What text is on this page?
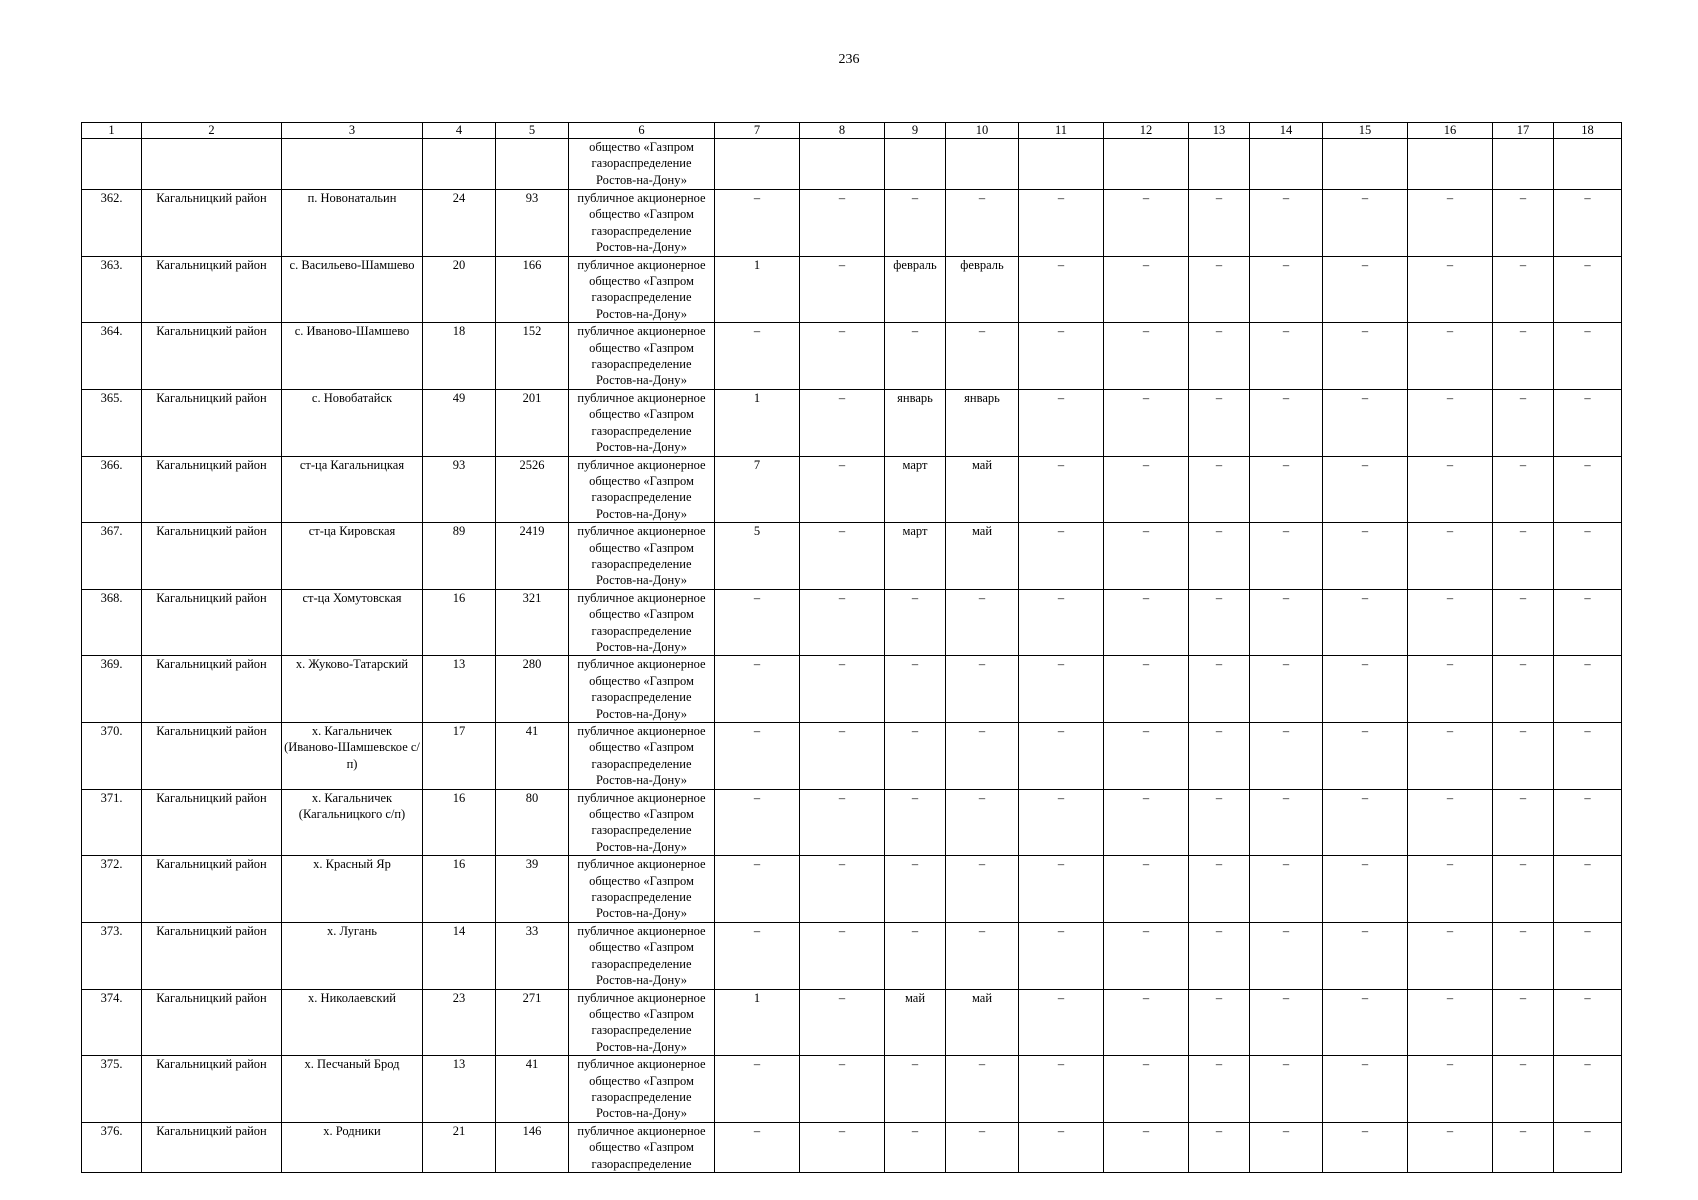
236
1	2	3	4	5	6	7	8	9	10	11	12	13	14	15	16	17	18
					общество «Газпром газораспределение Ростов-на-Дону»												
362.	Кагальницкий район	п. Новонатальин	24	93	публичное акционерное общество «Газпром газораспределение Ростов-на-Дону»	–	–	–	–	–	–	–	–	–	–	–	–
363.	Кагальницкий район	с. Васильево-Шамшево	20	166	публичное акционерное общество «Газпром газораспределение Ростов-на-Дону»	1	–	февраль	февраль	–	–	–	–	–	–	–	–
364.	Кагальницкий район	с. Иваново-Шамшево	18	152	публичное акционерное общество «Газпром газораспределение Ростов-на-Дону»	–	–	–	–	–	–	–	–	–	–	–	–
365.	Кагальницкий район	с. Новобатайск	49	201	публичное акционерное общество «Газпром газораспределение Ростов-на-Дону»	1	–	январь	январь	–	–	–	–	–	–	–	–
366.	Кагальницкий район	ст-ца Кагальницкая	93	2526	публичное акционерное общество «Газпром газораспределение Ростов-на-Дону»	7	–	март	май	–	–	–	–	–	–	–	–
367.	Кагальницкий район	ст-ца Кировская	89	2419	публичное акционерное общество «Газпром газораспределение Ростов-на-Дону»	5	–	март	май	–	–	–	–	–	–	–	–
368.	Кагальницкий район	ст-ца Хомутовская	16	321	публичное акционерное общество «Газпром газораспределение Ростов-на-Дону»	–	–	–	–	–	–	–	–	–	–	–	–
369.	Кагальницкий район	х. Жуково-Татарский	13	280	публичное акционерное общество «Газпром газораспределение Ростов-на-Дону»	–	–	–	–	–	–	–	–	–	–	–	–
370.	Кагальницкий район	х. Кагальничек (Иваново-Шамшевское с/п)	17	41	публичное акционерное общество «Газпром газораспределение Ростов-на-Дону»	–	–	–	–	–	–	–	–	–	–	–	–
371.	Кагальницкий район	х. Кагальничек (Кагальницкого с/п)	16	80	публичное акционерное общество «Газпром газораспределение Ростов-на-Дону»	–	–	–	–	–	–	–	–	–	–	–	–
372.	Кагальницкий район	х. Красный Яр	16	39	публичное акционерное общество «Газпром газораспределение Ростов-на-Дону»	–	–	–	–	–	–	–	–	–	–	–	–
373.	Кагальницкий район	х. Лугань	14	33	публичное акционерное общество «Газпром газораспределение Ростов-на-Дону»	–	–	–	–	–	–	–	–	–	–	–	–
374.	Кагальницкий район	х. Николаевский	23	271	публичное акционерное общество «Газпром газораспределение Ростов-на-Дону»	1	–	май	май	–	–	–	–	–	–	–	–
375.	Кагальницкий район	х. Песчаный Брод	13	41	публичное акционерное общество «Газпром газораспределение Ростов-на-Дону»	–	–	–	–	–	–	–	–	–	–	–	–
376.	Кагальницкий район	х. Родники	21	146	публичное акционерное общество «Газпром газораспределение	–	–	–	–	–	–	–	–	–	–	–	–
